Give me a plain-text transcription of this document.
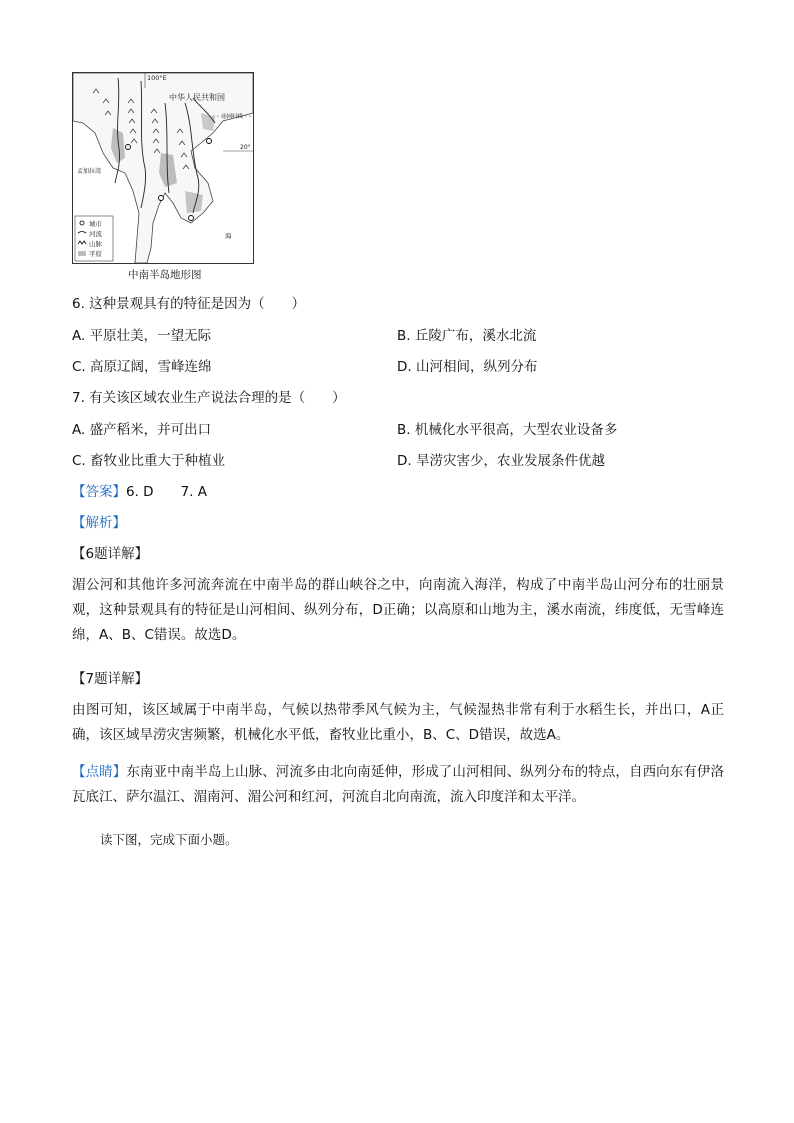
城市
河流
山脉
平原
100°E
中华人民共和国
北回归线
20°
孟加拉湾
海
中南半岛地形图
6. 这种景观具有的特征是因为（　　）
A. 平原壮美，一望无际	B. 丘陵广布，溪水北流
C. 高原辽阔，雪峰连绵	D. 山河相间，纵列分布
7. 有关该区域农业生产说法合理的是（　　）
A. 盛产稻米，并可出口	B. 机械化水平很高，大型农业设备多
C. 畜牧业比重大于种植业	D. 旱涝灾害少，农业发展条件优越
【答案】6. D　　7. A
【解析】
【6题详解】
湄公河和其他许多河流奔流在中南半岛的群山峡谷之中，向南流入海洋，构成了中南半岛山河分布的壮丽景观，这种景观具有的特征是山河相间、纵列分布，D正确；以高原和山地为主，溪水南流，纬度低，无雪峰连绵，A、B、C错误。故选D。
【7题详解】
由图可知，该区域属于中南半岛，气候以热带季风气候为主，气候湿热非常有利于水稻生长，并出口，A正确，该区域旱涝灾害频繁，机械化水平低，畜牧业比重小，B、C、D错误，故选A。
【点睛】东南亚中南半岛上山脉、河流多由北向南延伸，形成了山河相间、纵列分布的特点，自西向东有伊洛瓦底江、萨尔温江、湄南河、湄公河和红河，河流自北向南流，流入印度洋和太平洋。
读下图，完成下面小题。
